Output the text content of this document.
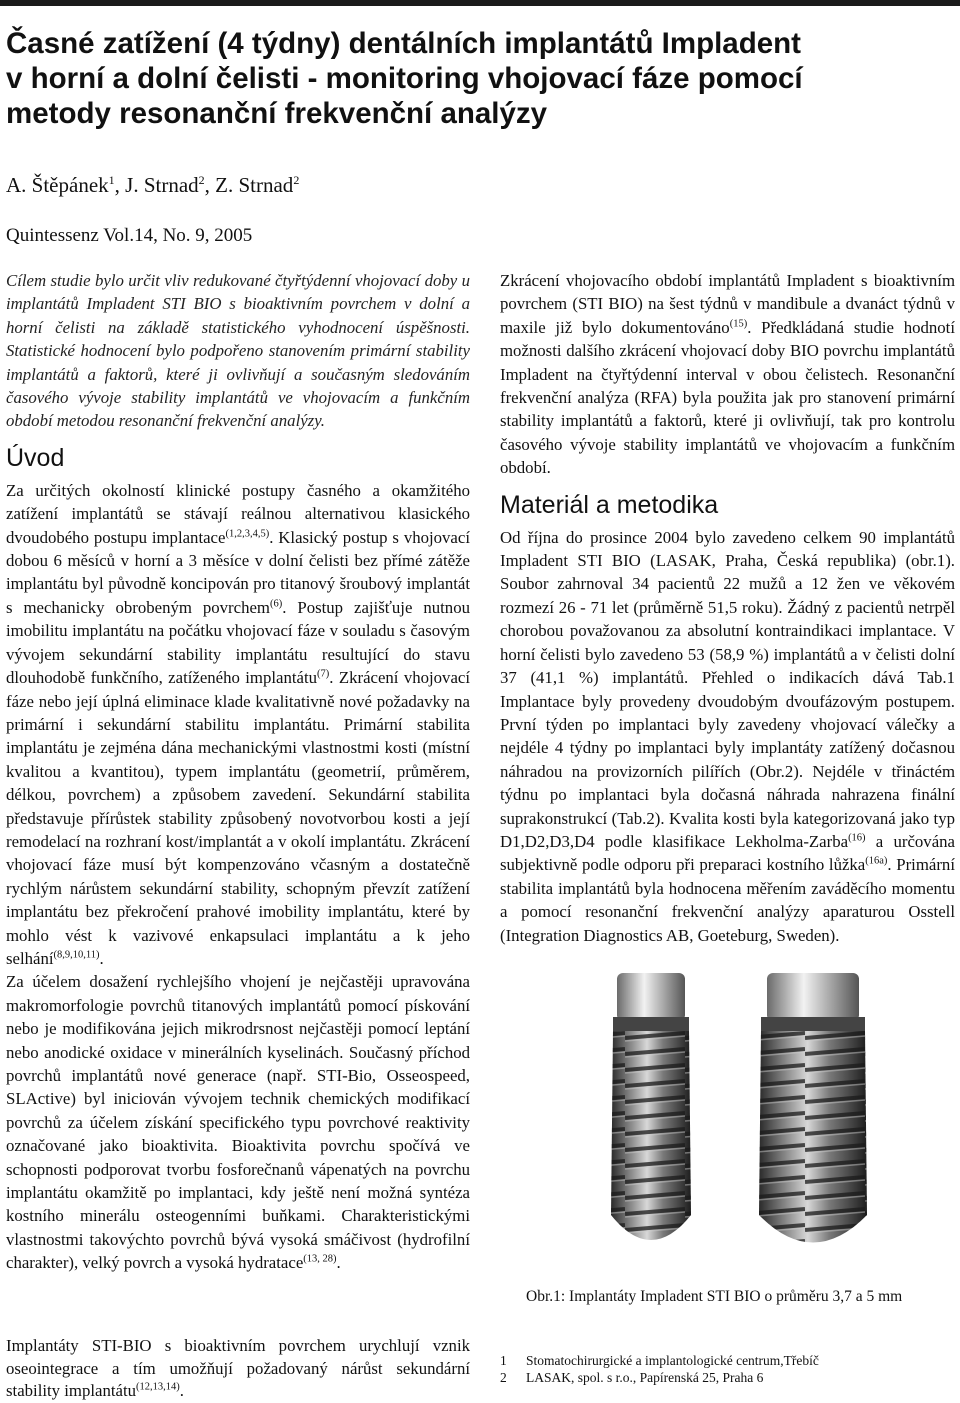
Časné zatížení (4 týdny) dentálních implantátů Impladent
v horní a dolní čelisti - monitoring vhojovací fáze pomocí
metody resonanční frekvenční analýzy
A. Štěpánek$^1$, J. Strnad$^2$, Z. Strnad$^2$
Quintessenz Vol.14, No. 9, 2005

Cílem studie bylo určit vliv redukované čtyřtýdenní vhojovací doby u implantátů Impladent STI BIO s bioaktivním povrchem v dolní a horní čelisti na základě statistického vyhodnocení úspěšnosti. Statistické hodnocení bylo podpořeno stanovením primární stability implantátů a faktorů, které ji ovlivňují a současným sledováním časového vývoje stability implantátů ve vhojovacím a funkčním období metodou resonanční frekvenční analýzy.

Úvod

Za určitých okolností klinické postupy časného a okamžitého zatížení implantátů se stávají reálnou alternativou klasického dvoudobého postupu implantace$^{(1,2,3,4,5)}$. Klasický postup s vhojovací dobou 6 měsíců v horní a 3 měsíce v dolní čelisti bez přímé zátěže implantátu byl původně koncipován pro titanový šroubový implantát s mechanicky obrobeným povrchem$^{(6)}$. Postup zajišťuje nutnou imobilitu implantátu na počátku vhojovací fáze v souladu s časovým vývojem sekundární stability implantátu resultující do stavu dlouhodobě funkčního, zatíženého implantátu$^{(7)}$. Zkrácení vhojovací fáze nebo její úplná eliminace klade kvalitativně nové požadavky na primární i sekundární stabilitu implantátu. Primární stabilita implantátu je zejména dána mechanickými vlastnostmi kosti (místní kvalitou a kvantitou), typem implantátu (geometrií, průměrem, délkou, povrchem) a způsobem zavedení. Sekundární stabilita představuje přírůstek stability způsobený novotvorbou kosti a její remodelací na rozhraní kost/implantát a v okolí implantátu. Zkrácení vhojovací fáze musí být kompenzováno včasným a dostatečně rychlým nárůstem sekundární stability, schopným převzít zatížení implantátu bez překročení prahové imobility implantátu, které by mohlo vést k vazivové enkapsulaci implantátu a k jeho selhání$^{(8,9,10,11)}$.

Za účelem dosažení rychlejšího vhojení je nejčastěji upravována makromorfologie povrchů titanových implantátů pomocí pískování nebo je modifikována jejich mikrodrsnost nejčastěji pomocí leptání nebo anodické oxidace v minerálních kyselinách. Současný příchod povrchů implantátů nové generace (např. STI-Bio, Osseospeed, SLActive) byl iniciován vývojem technik chemických modifikací povrchů za účelem získání specifického typu povrchové reaktivity označované jako bioaktivita. Bioaktivita povrchu spočívá ve schopnosti podporovat tvorbu fosforečnanů vápenatých na povrchu implantátu okamžitě po implantaci, kdy ještě není možná syntéza kostního minerálu osteogenními buňkami. Charakteristickými vlastnostmi takovýchto povrchů bývá vysoká smáčivost (hydrofilní charakter), velký povrch a vysoká hydratace$^{(13, 28)}$.

Implantáty STI-BIO s bioaktivním povrchem urychlují vznik oseointegrace a tím umožňují požadovaný nárůst sekundární stability implantátu$^{(12,13,14)}$.

Zkrácení vhojovacího období implantátů Impladent s bioaktivním povrchem (STI BIO) na šest týdnů v mandibule a dvanáct týdnů v maxile již bylo dokumentováno$^{(15)}$. Předkládaná studie hodnotí možnosti dalšího zkrácení vhojovací doby BIO povrchu implantátů Impladent na čtyřtýdenní interval v obou čelistech. Resonanční frekvenční analýza (RFA) byla použita jak pro stanovení primární stability implantátů a faktorů, které ji ovlivňují, tak pro kontrolu časového vývoje stability implantátů ve vhojovacím a funkčním období.

Materiál a metodika

Od října do prosince 2004 bylo zavedeno celkem 90 implantátů Impladent STI BIO (LASAK, Praha, Česká republika) (obr.1). Soubor zahrnoval 34 pacientů 22 mužů a 12 žen ve věkovém rozmezí 26 - 71 let (průměrně 51,5 roku). Žádný z pacientů netrpěl chorobou považovanou za absolutní kontraindikaci implantace. V horní čelisti bylo zavedeno 53 (58,9 %) implantátů a v čelisti dolní 37 (41,1 %) implantátů. Přehled o indikacích dává Tab.1 Implantace byly provedeny dvoudobým dvoufázovým postupem. První týden po implantaci byly zavedeny vhojovací válečky a nejdéle 4 týdny po implantaci byly implantáty zatížený dočasnou náhradou na provizorních pilířích (Obr.2). Nejdéle v třináctém týdnu po implantaci byla dočasná náhrada nahrazena finální suprakonstrukcí (Tab.2). Kvalita kosti byla kategorizovaná jako typ D1,D2,D3,D4 podle klasifikace Lekholma-Zarba$^{(16)}$ a určována subjektivně podle odporu při preparaci kostního lůžka$^{(16a)}$. Primární stabilita implantátů byla hodnocena měřením zaváděcího momentu a pomocí resonanční frekvenční analýzy aparaturou Osstell (Integration Diagnostics AB, Goeteburg, Sweden).

Obr.1: Implantáty Impladent STI BIO o průměru 3,7 a 5 mm
1	Stomatochirurgické a implantologické centrum,Třebíč
2	LASAK, spol. s r.o., Papírenská 25, Praha 6
